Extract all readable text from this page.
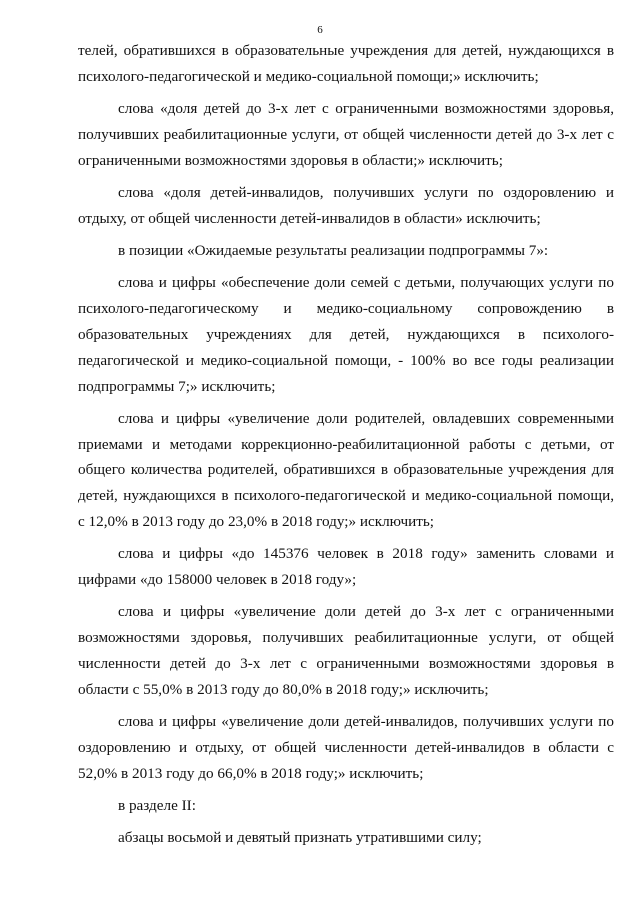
6

телей, обратившихся в образовательные учреждения для детей, нуждающихся в психолого-педагогической и медико-социальной помощи;» исключить;

слова «доля детей до 3-х лет с ограниченными возможностями здоровья, получивших реабилитационные услуги, от общей численности детей до 3-х лет с ограниченными возможностями здоровья в области;» исключить;

слова «доля детей-инвалидов, получивших услуги по оздоровлению и отдыху, от общей численности детей-инвалидов в области» исключить;

в позиции «Ожидаемые результаты реализации подпрограммы 7»:

слова и цифры «обеспечение доли семей с детьми, получающих услуги по психолого-педагогическому и медико-социальному сопровождению в образовательных учреждениях для детей, нуждающихся в психолого-педагогической и медико-социальной помощи, - 100% во все годы реализации подпрограммы 7;» исключить;

слова и цифры «увеличение доли родителей, овладевших современными приемами и методами коррекционно-реабилитационной работы с детьми, от общего количества родителей, обратившихся в образовательные учреждения для детей, нуждающихся в психолого-педагогической и медико-социальной помощи, с 12,0% в 2013 году до 23,0% в 2018 году;» исключить;

слова и цифры «до 145376 человек в 2018 году» заменить словами и цифрами «до 158000 человек в 2018 году»;

слова и цифры «увеличение доли детей до 3-х лет с ограниченными возможностями здоровья, получивших реабилитационные услуги, от общей численности детей до 3-х лет с ограниченными возможностями здоровья в области с 55,0% в 2013 году до 80,0% в 2018 году;» исключить;

слова и цифры «увеличение доли детей-инвалидов, получивших услуги по оздоровлению и отдыху, от общей численности детей-инвалидов в области с 52,0% в 2013 году до 66,0% в 2018 году;» исключить;

в разделе II:

абзацы восьмой и девятый признать утратившими силу;
